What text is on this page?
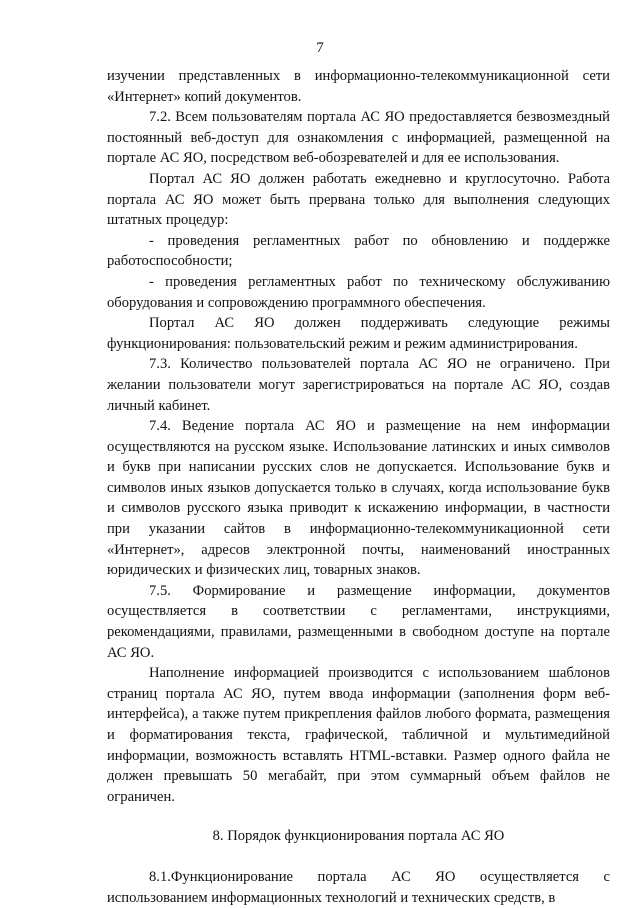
7

изучении представленных в информационно-телекоммуникационной сети «Интернет» копий документов.

7.2. Всем пользователям портала АС ЯО предоставляется безвозмездный постоянный веб-доступ для ознакомления с информацией, размещенной на портале АС ЯО, посредством веб-обозревателей и для ее использования.

Портал АС ЯО должен работать ежедневно и круглосуточно. Работа портала АС ЯО может быть прервана только для выполнения следующих штатных процедур:

- проведения регламентных работ по обновлению и поддержке работоспособности;

- проведения регламентных работ по техническому обслуживанию оборудования и сопровождению программного обеспечения.

Портал АС ЯО должен поддерживать следующие режимы функционирования: пользовательский режим и режим администрирования.

7.3. Количество пользователей портала АС ЯО не ограничено. При желании пользователи могут зарегистрироваться на портале АС ЯО, создав личный кабинет.

7.4. Ведение портала АС ЯО и размещение на нем информации осуществляются на русском языке. Использование латинских и иных символов и букв при написании русских слов не допускается. Использование букв и символов иных языков допускается только в случаях, когда использование букв и символов русского языка приводит к искажению информации, в частности при указании сайтов в информационно-телекоммуникационной сети «Интернет», адресов электронной почты, наименований иностранных юридических и физических лиц, товарных знаков.

7.5. Формирование и размещение информации, документов осуществляется в соответствии с регламентами, инструкциями, рекомендациями, правилами, размещенными в свободном доступе на портале АС ЯО.

Наполнение информацией производится с использованием шаблонов страниц портала АС ЯО, путем ввода информации (заполнения форм веб-интерфейса), а также путем прикрепления файлов любого формата, размещения и форматирования текста, графической, табличной и мультимедийной информации, возможность вставлять HTML-вставки. Размер одного файла не должен превышать 50 мегабайт, при этом суммарный объем файлов не ограничен.

8. Порядок функционирования портала АС ЯО

8.1.Функционирование портала АС ЯО осуществляется с использованием информационных технологий и технических средств, в
